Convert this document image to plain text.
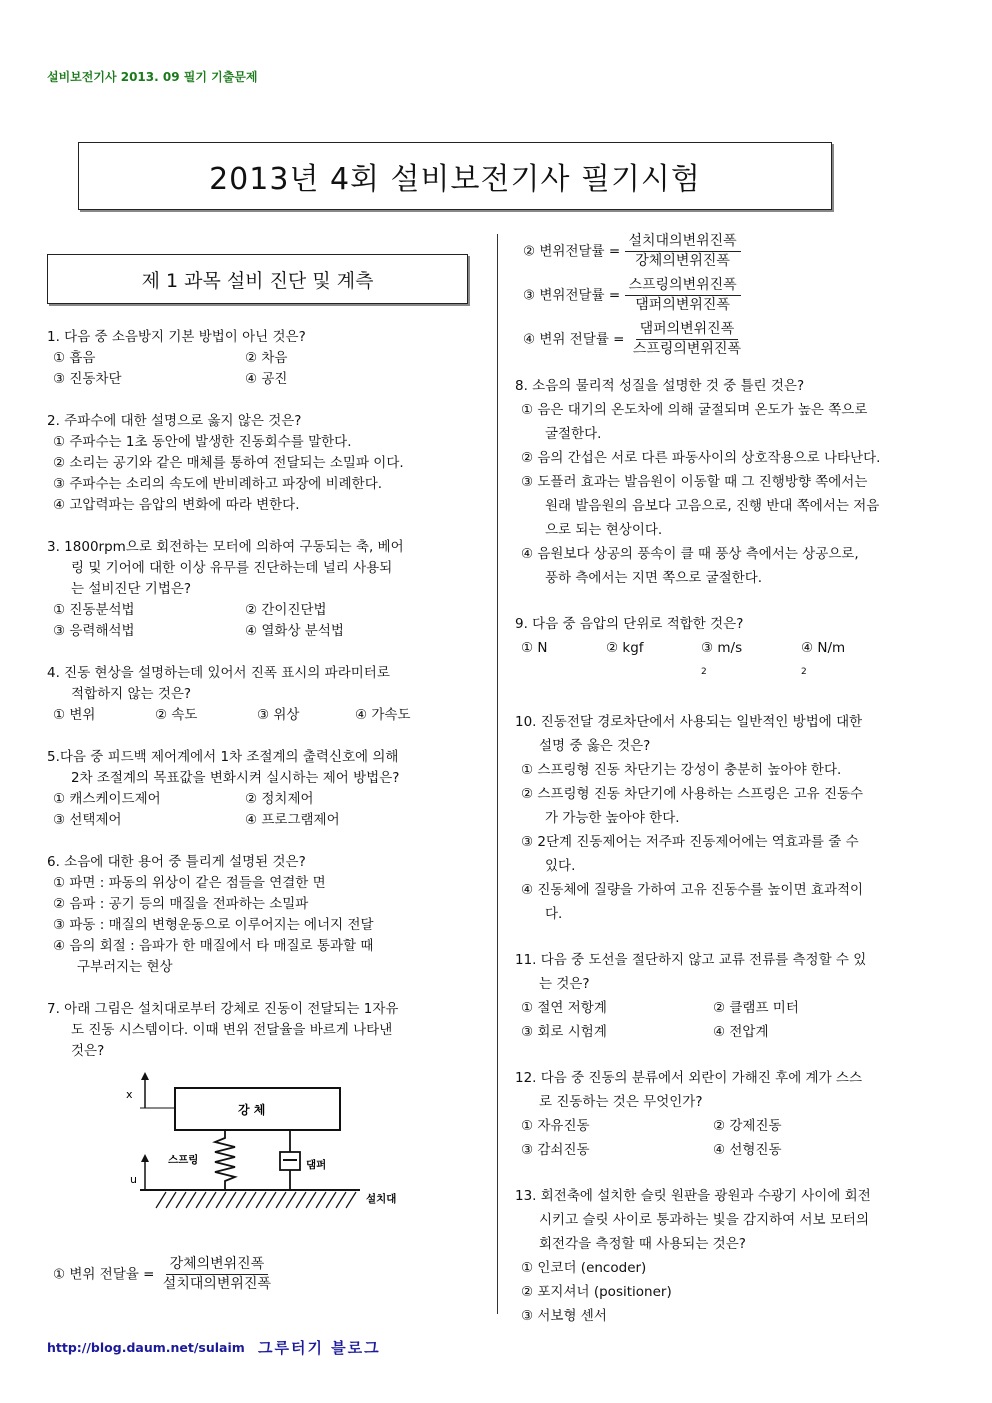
설비보전기사 2013. 09 필기 기출문제
2013년 4회 설비보전기사 필기시험
제 1 과목 설비 진단 및 계측

1. 다음 중 소음방지 기본 방법이 아닌 것은?

① 흡음	② 차음
③ 진동차단	④ 공진

2. 주파수에 대한 설명으로 옳지 않은 것은?

① 주파수는 1초 동안에 발생한 진동회수를 말한다.
② 소리는 공기와 같은 매체를 통하여 전달되는 소밀파 이다.
③ 주파수는 소리의 속도에 반비례하고 파장에 비례한다.
④ 고압력파는 음압의 변화에 따라 변한다.

3. 1800rpm으로 회전하는 모터에 의하여 구동되는 축, 베어

링 및 기어에 대한 이상 유무를 진단하는데 널리 사용되

는 설비진단 기법은?

① 진동분석법	② 간이진단법
③ 응력해석법	④ 열화상 분석법

4. 진동 현상을 설명하는데 있어서 진폭 표시의 파라미터로

적합하지 않는 것은?

① 변위	② 속도	③ 위상	④ 가속도

5.다음 중 피드백 제어계에서 1차 조절계의 출력신호에 의해

2차 조절계의 목표값을 변화시켜 실시하는 제어 방법은?

① 캐스케이드제어	② 정치제어
③ 선택제어	④ 프로그램제어

6. 소음에 대한 용어 중 틀리게 설명된 것은?

① 파면 : 파동의 위상이 같은 점들을 연결한 면
② 음파 : 공기 등의 매질을 전파하는 소밀파
③ 파동 : 매질의 변형운동으로 이루어지는 에너지 전달
④ 음의 회절 : 음파가 한 매질에서 타 매질로 통과할 때
구부러지는 현상

7. 아래 그림은 설치대로부터 강체로 진동이 전달되는 1자유

도 진동 시스템이다. 이때 변위 전달율을 바르게 나타낸

것은?

x
강 체
스프링	댐퍼
u
설치대
① 변위 전달율 = $\frac{\text{강체의변위진폭}}{\text{설치대의변위진폭}}$
② 변위전달률 = $\frac{\text{설치대의변위진폭}}{\text{강체의변위진폭}}$
③ 변위전달률 = $\frac{\text{스프링의변위진폭}}{\text{댐퍼의변위진폭}}$
④ 변위 전달률 = $\frac{\text{댐퍼의변위진폭}}{\text{스프링의변위진폭}}$

8. 소음의 물리적 성질을 설명한 것 중 틀린 것은?

① 음은 대기의 온도차에 의해 굴절되며 온도가 높은 쪽으로
굴절한다.
② 음의 간섭은 서로 다른 파동사이의 상호작용으로 나타난다.
③ 도플러 효과는 발음원이 이동할 때 그 진행방향 쪽에서는
원래 발음원의 음보다 고음으로, 진행 반대 쪽에서는 저음
으로 되는 현상이다.
④ 음원보다 상공의 풍속이 클 때 풍상 측에서는 상공으로,
풍하 측에서는 지면 쪽으로 굴절한다.

9. 다음 중 음압의 단위로 적합한 것은?

① N	② kgf	③ m/s
$^2$
④ N/m
$^2$

10. 진동전달 경로차단에서 사용되는 일반적인 방법에 대한

설명 중 옳은 것은?

① 스프링형 진동 차단기는 강성이 충분히 높아야 한다.
② 스프링형 진동 차단기에 사용하는 스프링은 고유 진동수
가 가능한 높아야 한다.
③ 2단계 진동제어는 저주파 진동제어에는 역효과를 줄 수
있다.
④ 진동체에 질량을 가하여 고유 진동수를 높이면 효과적이
다.

11. 다음 중 도선을 절단하지 않고 교류 전류를 측정할 수 있

는 것은?

① 절연 저항계	② 클램프 미터
③ 회로 시험계	④ 전압계

12. 다음 중 진동의 분류에서 외란이 가해진 후에 계가 스스

로 진동하는 것은 무엇인가?

① 자유진동	② 강제진동
③ 감쇠진동	④ 선형진동

13. 회전축에 설치한 슬릿 원판을 광원과 수광기 사이에 회전

시키고 슬릿 사이로 통과하는 빛을 감지하여 서보 모터의

회전각을 측정할 때 사용되는 것은?

① 인코더 (encoder)
② 포지셔너 (positioner)
③ 서보형 센서
http://blog.daum.net/sulaim 그루터기 블로그
